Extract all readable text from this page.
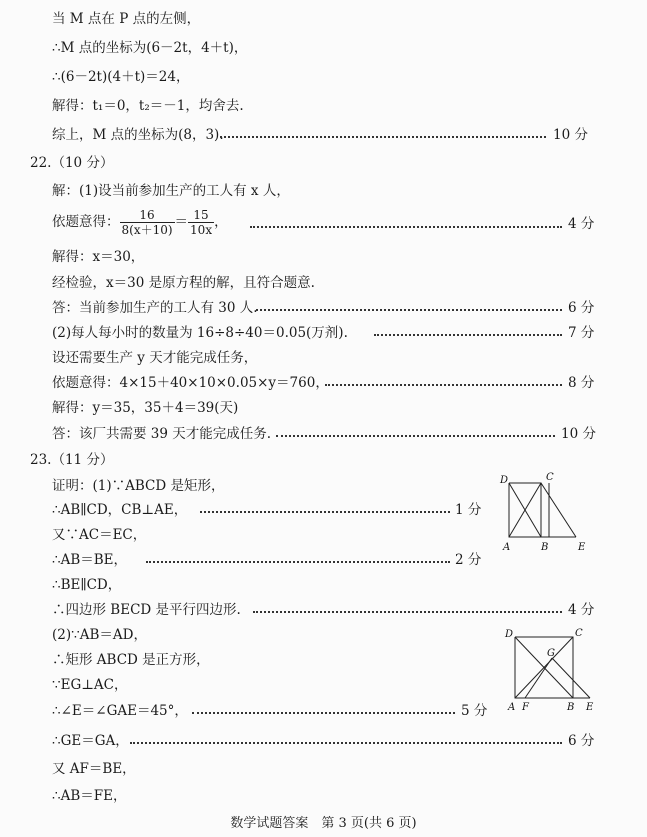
当 M 点在 P 点的左侧，
∴M 点的坐标为(6－2t，4＋t)，
∴(6－2t)(4＋t)＝24，
解得：t₁＝0，t₂＝－1，均舍去.
综上，M 点的坐标为(8，3).	10 分
22.（10 分）
解：(1)设当前参加生产的工人有 x 人，
依题意得： $\frac{16}{8(x+10)} = \frac{15}{10x}$ ，	4 分
解得：x＝30，
经检验，x＝30 是原方程的解，且符合题意.
答：当前参加生产的工人有 30 人.	6 分
(2)每人每小时的数量为 16÷8÷40＝0.05(万剂).	7 分
设还需要生产 y 天才能完成任务，
依题意得：4×15＋40×10×0.05×y＝760，	8 分
解得：y＝35，35＋4＝39(天)
答：该厂共需要 39 天才能完成任务.	10 分
23.（11 分）
证明：(1)∵ABCD 是矩形，
∴AB∥CD，CB⊥AE，	1 分
又∵AC＝EC，
∴AB＝BE，	2 分
∴BE∥CD，
∴四边形 BECD 是平行四边形.	4 分
(2)∵AB＝AD，
∴矩形 ABCD 是正方形，
∵EG⊥AC，
∴∠E＝∠GAE＝45°，	5 分
∴GE＝GA，	6 分
又 AF＝BE，
∴AB＝FE，
D	C
A	B	E
D	C
G
A F	B E
数学试题答案　第 3 页(共 6 页)
